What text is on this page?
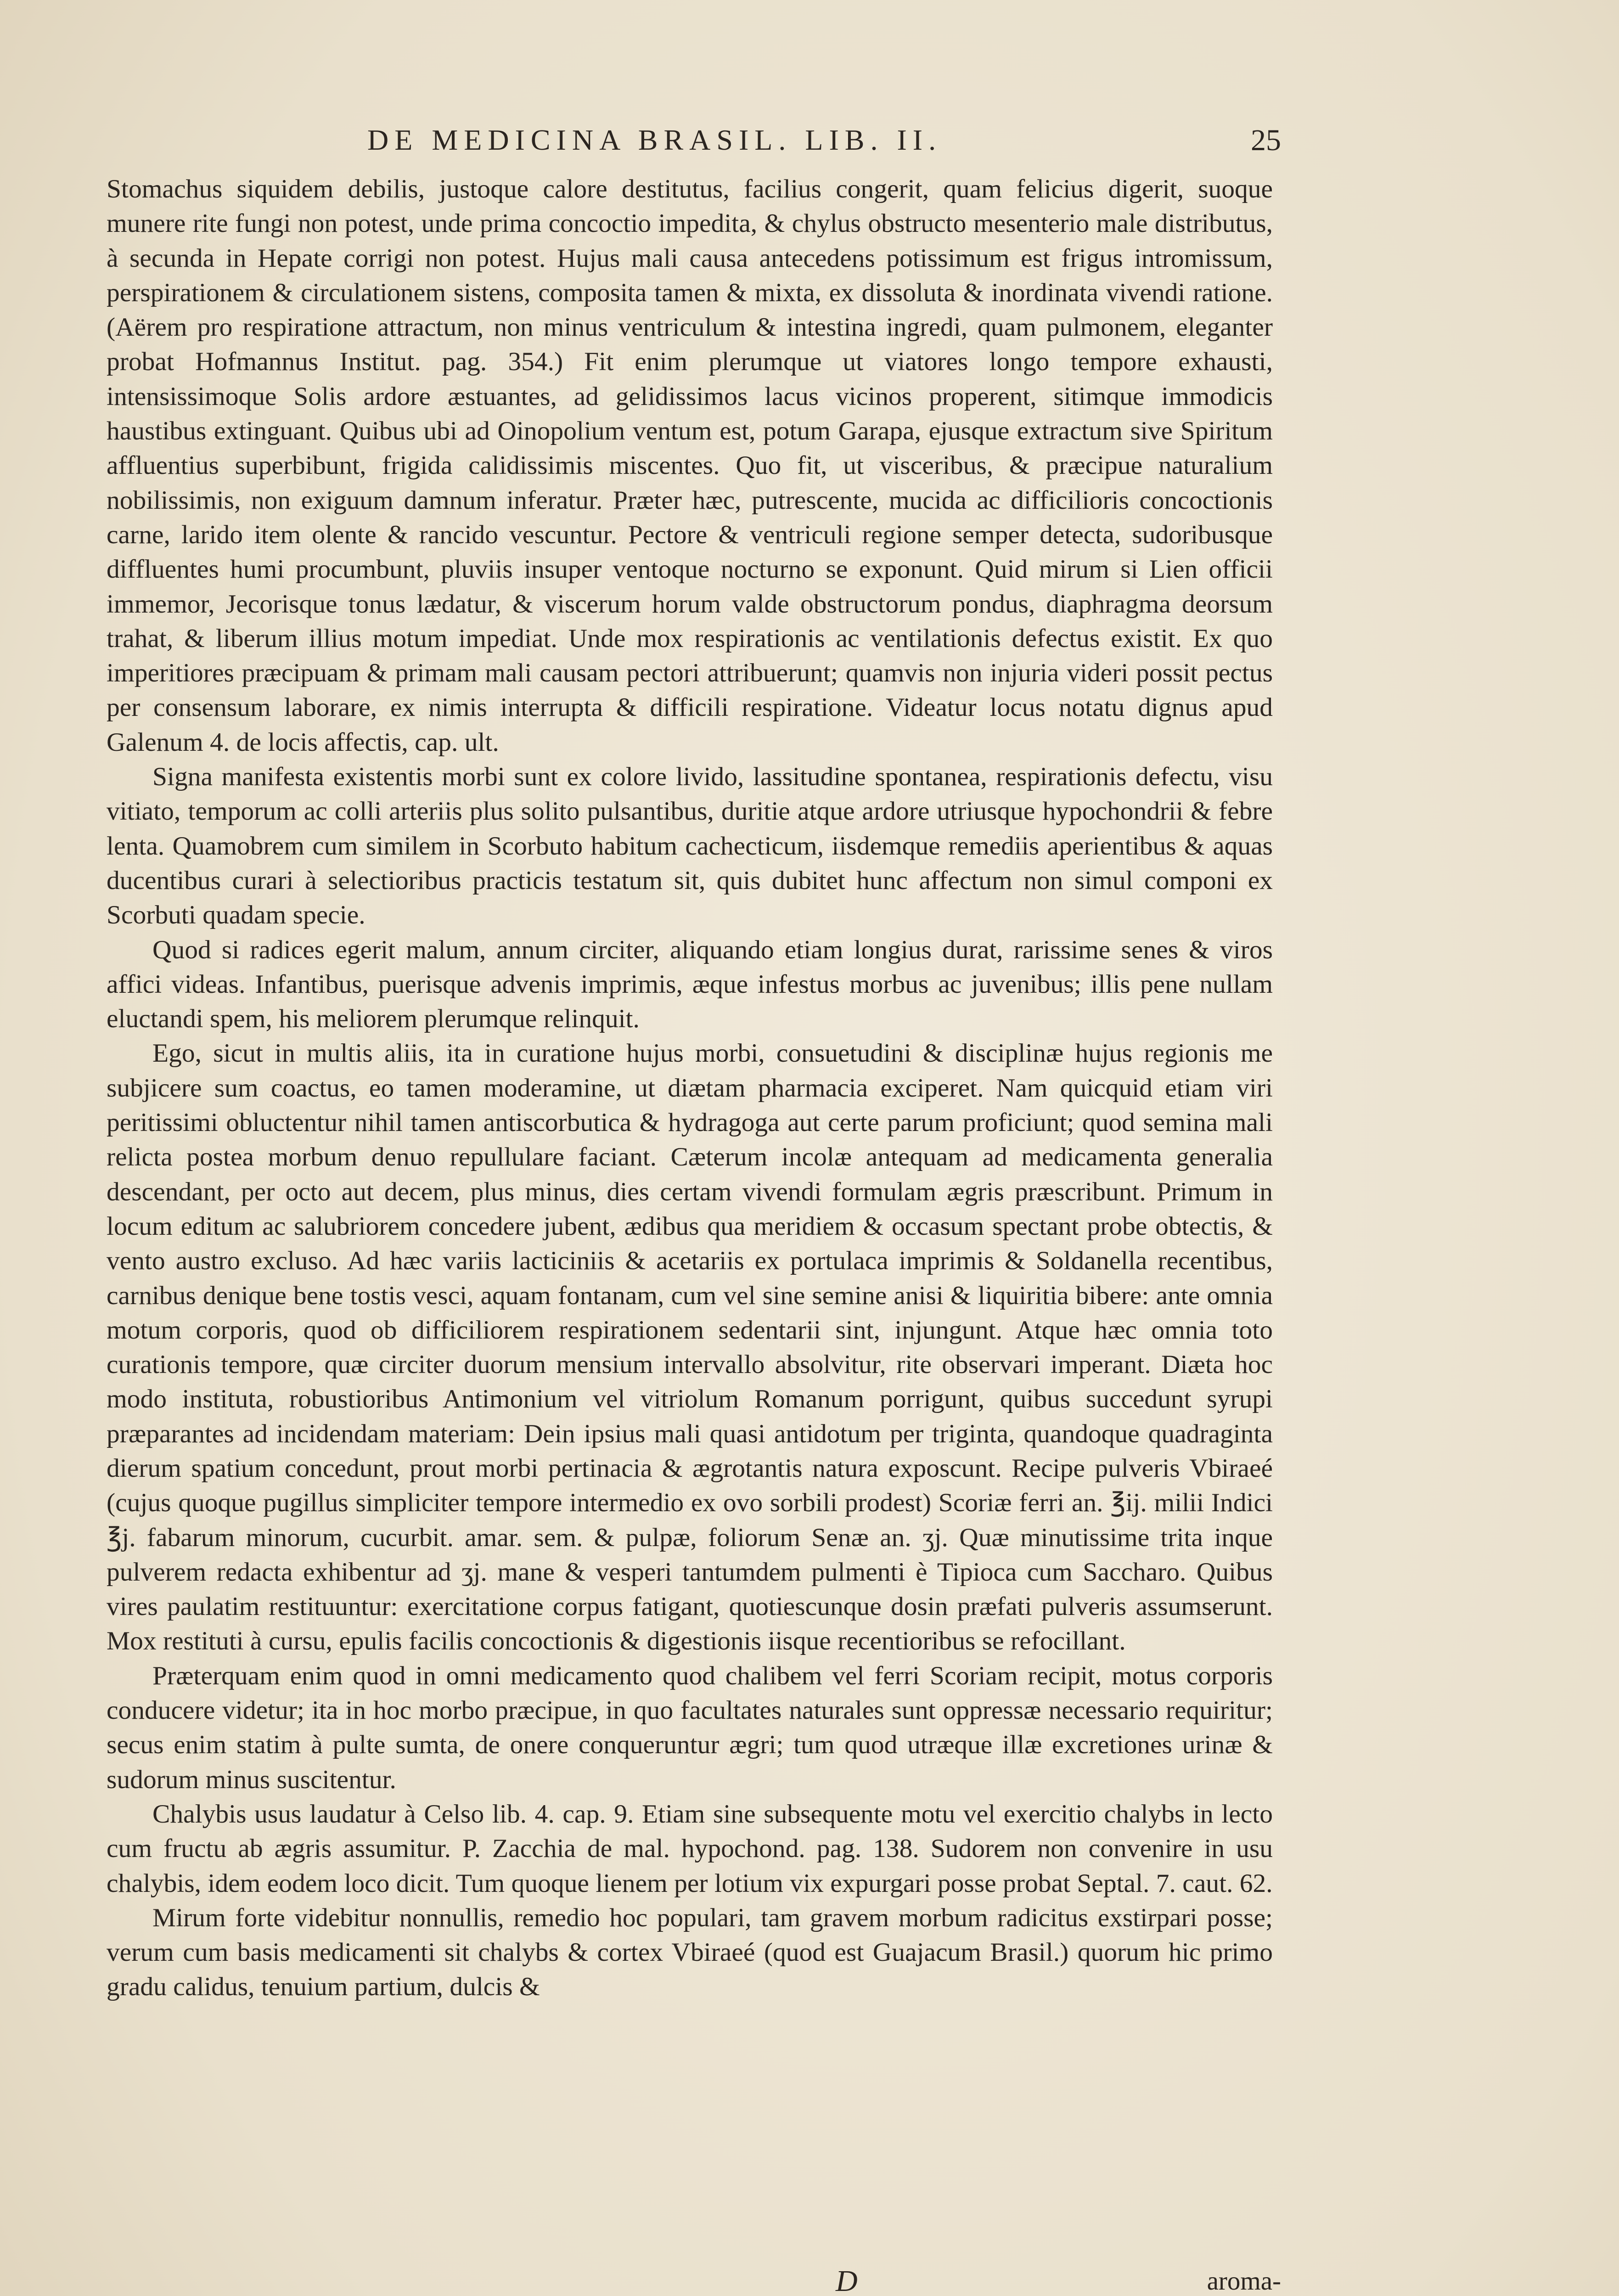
DE MEDICINA BRASIL. LIB. II.	25

Stomachus siquidem debilis, justoque calore destitutus, facilius congerit, quam felicius digerit, suoque munere rite fungi non potest, unde prima concoctio impedita, & chylus obstructo mesenterio male distributus, à secunda in Hepate corrigi non potest. Hujus mali causa antecedens potissimum est frigus intromissum, perspirationem & circulationem sistens, composita tamen & mixta, ex dissoluta & inordinata vivendi ratione. (Aërem pro respiratione attractum, non minus ventriculum & intestina ingredi, quam pulmonem, eleganter probat Hofmannus Institut. pag. 354.) Fit enim plerumque ut viatores longo tempore exhausti, intensissimoque Solis ardore æstuantes, ad gelidissimos lacus vicinos properent, sitimque immodicis haustibus extinguant. Quibus ubi ad Oinopolium ventum est, potum Garapa, ejusque extractum sive Spiritum affluentius superbibunt, frigida calidissimis miscentes. Quo fit, ut visceribus, & præcipue naturalium nobilissimis, non exiguum damnum inferatur. Præter hæc, putrescente, mucida ac difficilioris concoctionis carne, larido item olente & rancido vescuntur. Pectore & ventriculi regione semper detecta, sudoribusque diffluentes humi procumbunt, pluviis insuper ventoque nocturno se exponunt. Quid mirum si Lien officii immemor, Jecorisque tonus lædatur, & viscerum horum valde obstructorum pondus, diaphragma deorsum trahat, & liberum illius motum impediat. Unde mox respirationis ac ventilationis defectus existit. Ex quo imperitiores præcipuam & primam mali causam pectori attribuerunt; quamvis non injuria videri possit pectus per consensum laborare, ex nimis interrupta & difficili respiratione. Videatur locus notatu dignus apud Galenum 4. de locis affectis, cap. ult.

Signa manifesta existentis morbi sunt ex colore livido, lassitudine spontanea, respirationis defectu, visu vitiato, temporum ac colli arteriis plus solito pulsantibus, duritie atque ardore utriusque hypochondrii & febre lenta. Quamobrem cum similem in Scorbuto habitum cachecticum, iisdemque remediis aperientibus & aquas ducentibus curari à selectioribus practicis testatum sit, quis dubitet hunc affectum non simul componi ex Scorbuti quadam specie.

Quod si radices egerit malum, annum circiter, aliquando etiam longius durat, rarissime senes & viros affici videas. Infantibus, puerisque advenis imprimis, æque infestus morbus ac juvenibus; illis pene nullam eluctandi spem, his meliorem plerumque relinquit.

Ego, sicut in multis aliis, ita in curatione hujus morbi, consuetudini & disciplinæ hujus regionis me subjicere sum coactus, eo tamen moderamine, ut diætam pharmacia exciperet. Nam quicquid etiam viri peritissimi obluctentur nihil tamen antiscorbutica & hydragoga aut certe parum proficiunt; quod semina mali relicta postea morbum denuo repullulare faciant. Cæterum incolæ antequam ad medicamenta generalia descendant, per octo aut decem, plus minus, dies certam vivendi formulam ægris præscribunt. Primum in locum editum ac salubriorem concedere jubent, ædibus qua meridiem & occasum spectant probe obtectis, & vento austro excluso. Ad hæc variis lacticiniis & acetariis ex portulaca imprimis & Soldanella recentibus, carnibus denique bene tostis vesci, aquam fontanam, cum vel sine semine anisi & liquiritia bibere: ante omnia motum corporis, quod ob difficiliorem respirationem sedentarii sint, injungunt. Atque hæc omnia toto curationis tempore, quæ circiter duorum mensium intervallo absolvitur, rite observari imperant. Diæta hoc modo instituta, robustioribus Antimonium vel vitriolum Romanum porrigunt, quibus succedunt syrupi præparantes ad incidendam materiam: Dein ipsius mali quasi antidotum per triginta, quandoque quadraginta dierum spatium concedunt, prout morbi pertinacia & ægrotantis natura exposcunt. Recipe pulveris Vbiraeé (cujus quoque pugillus simpliciter tempore intermedio ex ovo sorbili prodest) Scoriæ ferri an. ℥ij. milii Indici ℥j. fabarum minorum, cucurbit. amar. sem. & pulpæ, foliorum Senæ an. ʒj. Quæ minutissime trita inque pulverem redacta exhibentur ad ʒj. mane & vesperi tantumdem pulmenti è Tipioca cum Saccharo. Quibus vires paulatim restituuntur: exercitatione corpus fatigant, quotiescunque dosin præfati pulveris assumserunt. Mox restituti à cursu, epulis facilis concoctionis & digestionis iisque recentioribus se refocillant.

Præterquam enim quod in omni medicamento quod chalibem vel ferri Scoriam recipit, motus corporis conducere videtur; ita in hoc morbo præcipue, in quo facultates naturales sunt oppressæ necessario requiritur; secus enim statim à pulte sumta, de onere conqueruntur ægri; tum quod utræque illæ excretiones urinæ & sudorum minus suscitentur.

Chalybis usus laudatur à Celso lib. 4. cap. 9. Etiam sine subsequente motu vel exercitio chalybs in lecto cum fructu ab ægris assumitur. P. Zacchia de mal. hypochond. pag. 138. Sudorem non convenire in usu chalybis, idem eodem loco dicit. Tum quoque lienem per lotium vix expurgari posse probat Septal. 7. caut. 62.

Mirum forte videbitur nonnullis, remedio hoc populari, tam gravem morbum radicitus exstirpari posse; verum cum basis medicamenti sit chalybs & cortex Vbiraeé (quod est Guajacum Brasil.) quorum hic primo gradu calidus, tenuium partium, dulcis &

D	aroma-
